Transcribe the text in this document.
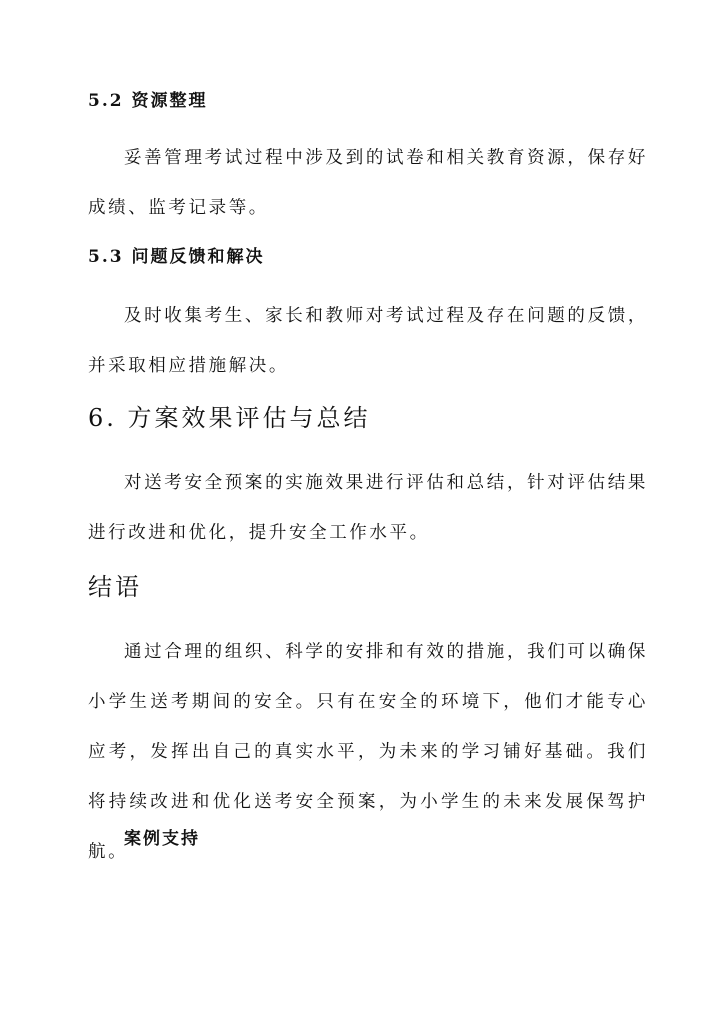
5.2 资源整理

妥善管理考试过程中涉及到的试卷和相关教育资源，保存好成绩、监考记录等。

5.3 问题反馈和解决

及时收集考生、家长和教师对考试过程及存在问题的反馈，并采取相应措施解决。

6. 方案效果评估与总结

对送考安全预案的实施效果进行评估和总结，针对评估结果进行改进和优化，提升安全工作水平。

结语

通过合理的组织、科学的安排和有效的措施，我们可以确保小学生送考期间的安全。只有在安全的环境下，他们才能专心应考，发挥出自己的真实水平，为未来的学习铺好基础。我们将持续改进和优化送考安全预案，为小学生的未来发展保驾护航。

案例支持
